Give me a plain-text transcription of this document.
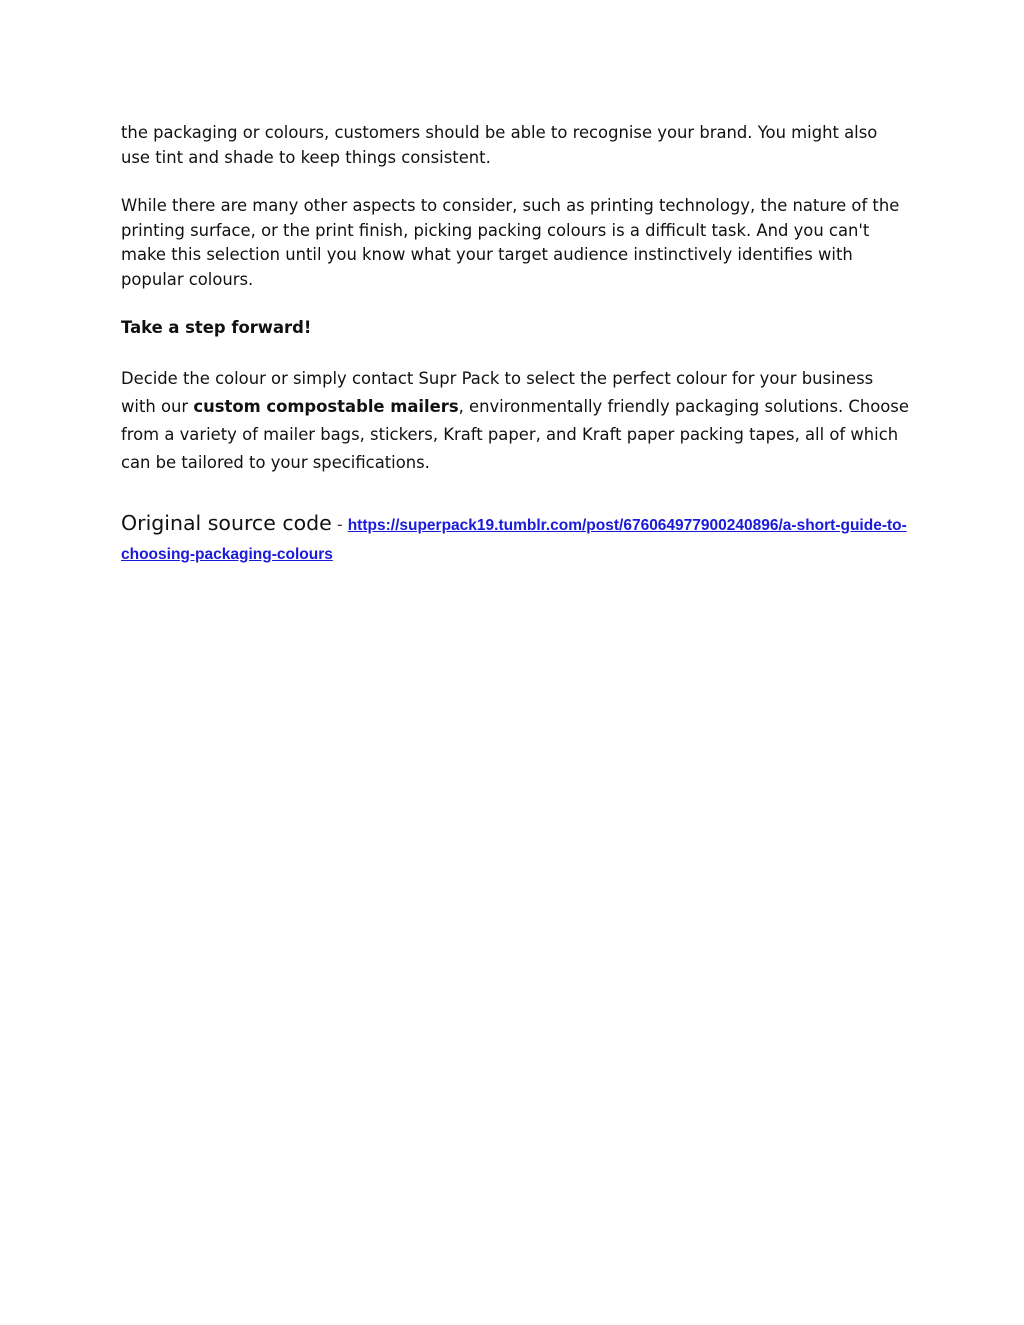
the packaging or colours, customers should be able to recognise your brand. You might also use tint and shade to keep things consistent.

While there are many other aspects to consider, such as printing technology, the nature of the printing surface, or the print finish, picking packing colours is a difficult task. And you can't make this selection until you know what your target audience instinctively identifies with popular colours.

Take a step forward!

Decide the colour or simply contact Supr Pack to select the perfect colour for your business with our custom compostable mailers, environmentally friendly packaging solutions. Choose from a variety of mailer bags, stickers, Kraft paper, and Kraft paper packing tapes, all of which can be tailored to your specifications.

Original source code - https://superpack19.tumblr.com/post/676064977900240896/a-short-guide-to-choosing-packaging-colours
